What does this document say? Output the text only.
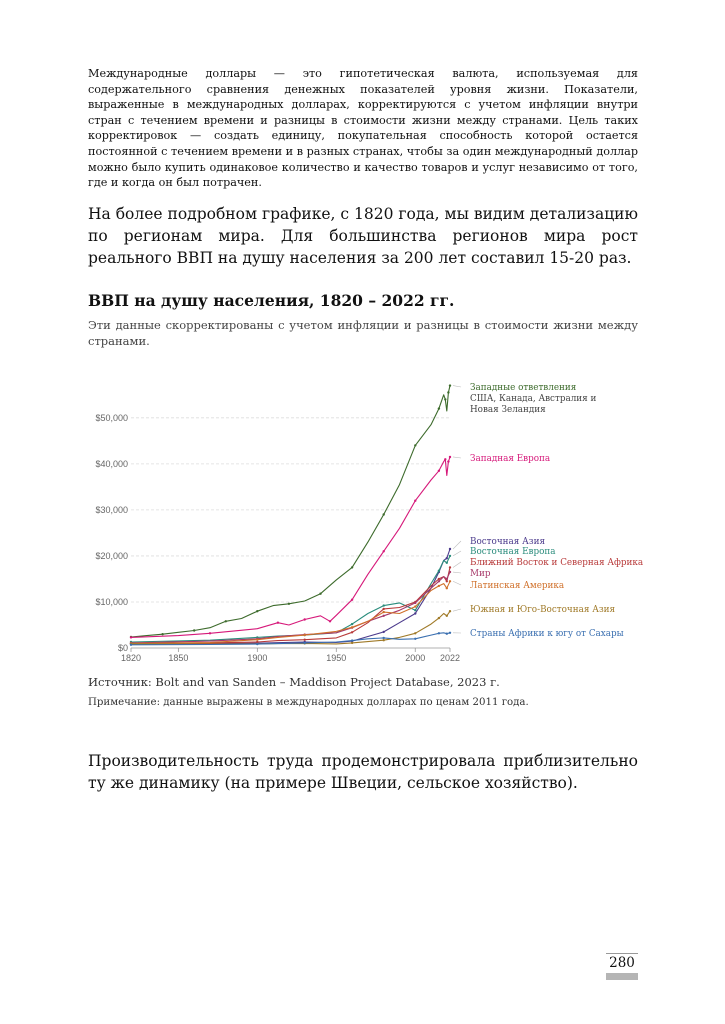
Международные доллары — это гипотетическая валюта, используемая для содержательного сравнения денежных показателей уровня жизни. Показатели, выраженные в международных долларах, корректируются с учетом инфляции внутри стран с течением времени и разницы в стоимости жизни между странами. Цель таких корректировок — создать единицу, покупательная способность которой остается постоянной с течением времени и в разных странах, чтобы за один международный доллар можно было купить одинаковое количество и качество товаров и услуг независимо от того, где и когда он был потрачен.
На более подробном графике, с 1820 года, мы видим детализацию по регионам мира. Для большинства регионов мира рост реального ВВП на душу населения за 200 лет составил 15-20 раз.
ВВП на душу населения, 1820 – 2022 гг.
Эти данные скорректированы с учетом инфляции и разницы в стоимости жизни между странами.
$0
$10,000
$20,000
$30,000
$40,000
$50,000
1820	1850	1900	1950	2000 2022
Западные ответвления
США, Канада, Австралия и
Новая Зеландия
Западная Европа
Восточная Азия
Восточная Европа
Ближний Восток и Северная Африка
Мир
Латинская Америка
Южная и Юго-Восточная Азия
Страны Африки к югу от Сахары
Источник: Bolt and van Sanden – Maddison Project Database, 2023 г.
Примечание: данные выражены в международных долларах по ценам 2011 года.
Производительность труда продемонстрировала приблизительно ту же динамику (на примере Швеции, сельское хозяйство).
280
